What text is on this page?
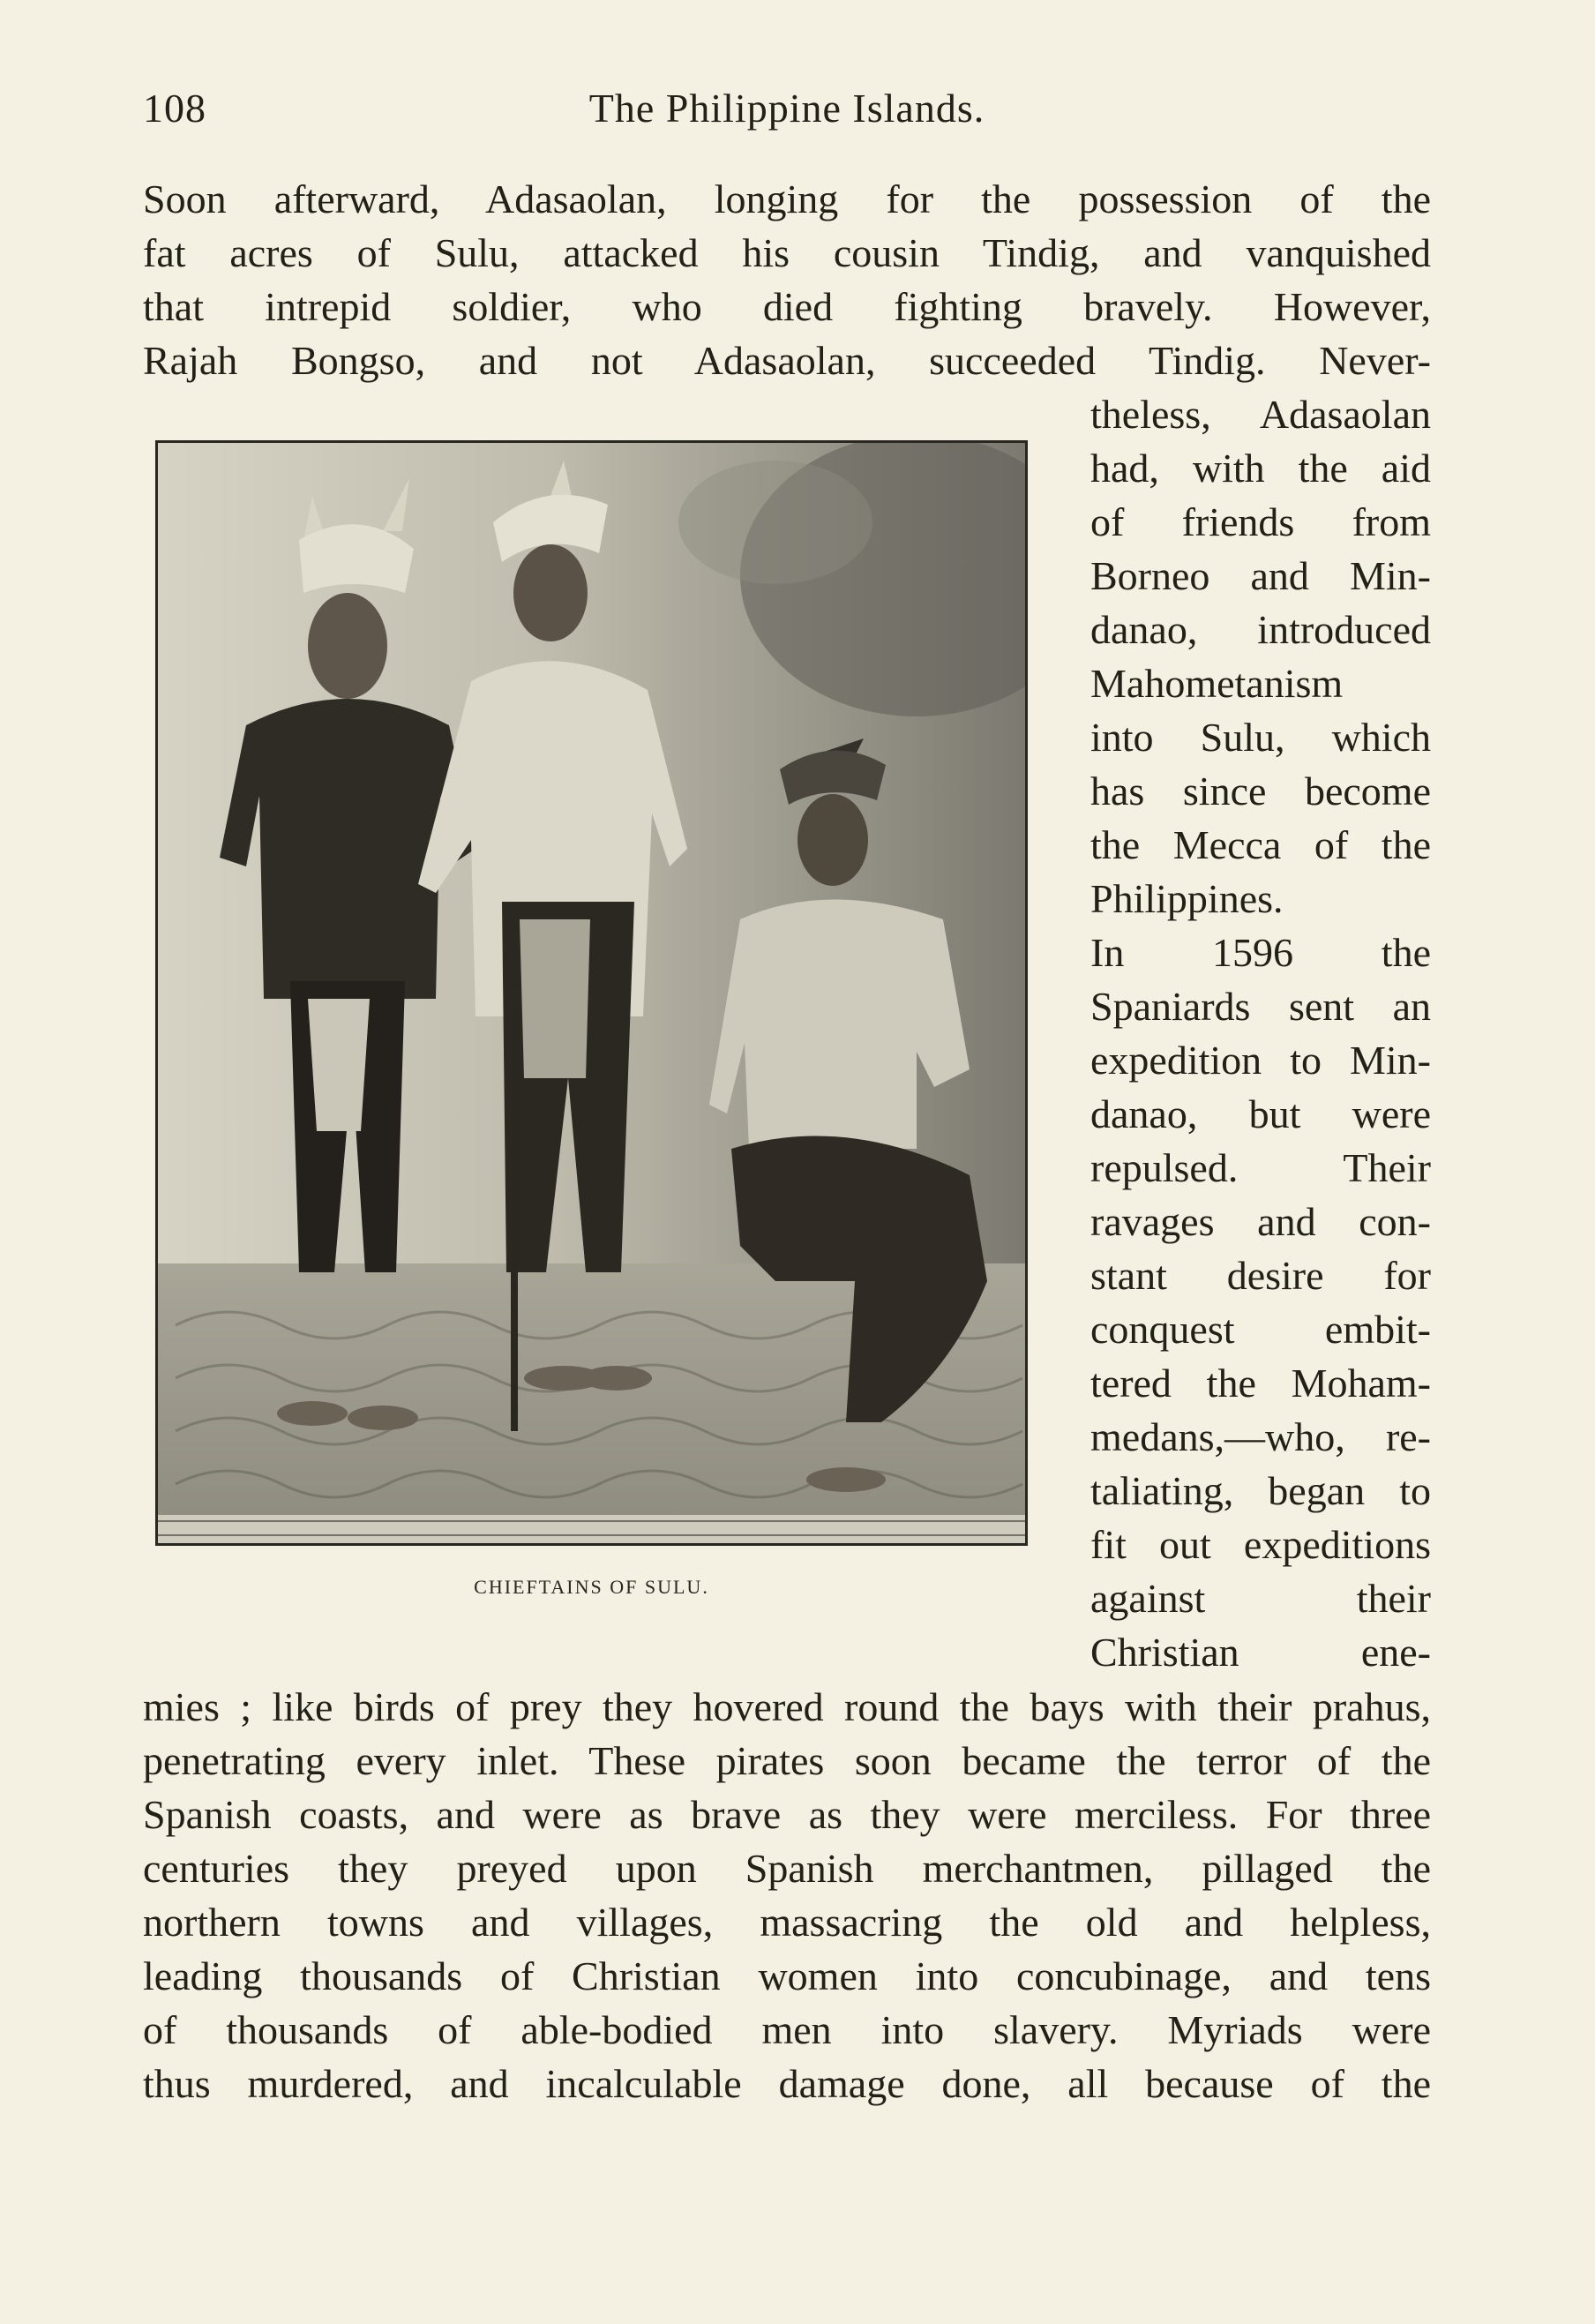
108	The Philippine Islands.
Soon afterward, Adasaolan, longing for the possession of the
fat acres of Sulu, attacked his cousin Tindig, and vanquished
that intrepid soldier, who died fighting bravely. However,
Rajah Bongso, and not Adasaolan, succeeded Tindig. Never-
CHIEFTAINS OF SULU.
theless, Adasaolan
had, with the aid
of friends from
Borneo and Min-
danao, introduced
Mahometanism
into Sulu, which
has since become
the Mecca of the
Philippines.
In 1596 the
Spaniards sent an
expedition to Min-
danao, but were
repulsed. Their
ravages and con-
stant desire for
conquest embit-
tered the Moham-
medans,—who, re-
taliating, began to
fit out expeditions
against their
Christian ene-
mies ; like birds of prey they hovered round the bays with their prahus,
penetrating every inlet. These pirates soon became the terror of the
Spanish coasts, and were as brave as they were merciless. For three
centuries they preyed upon Spanish merchantmen, pillaged the
northern towns and villages, massacring the old and helpless,
leading thousands of Christian women into concubinage, and tens
of thousands of able-bodied men into slavery. Myriads were
thus murdered, and incalculable damage done, all because of the
